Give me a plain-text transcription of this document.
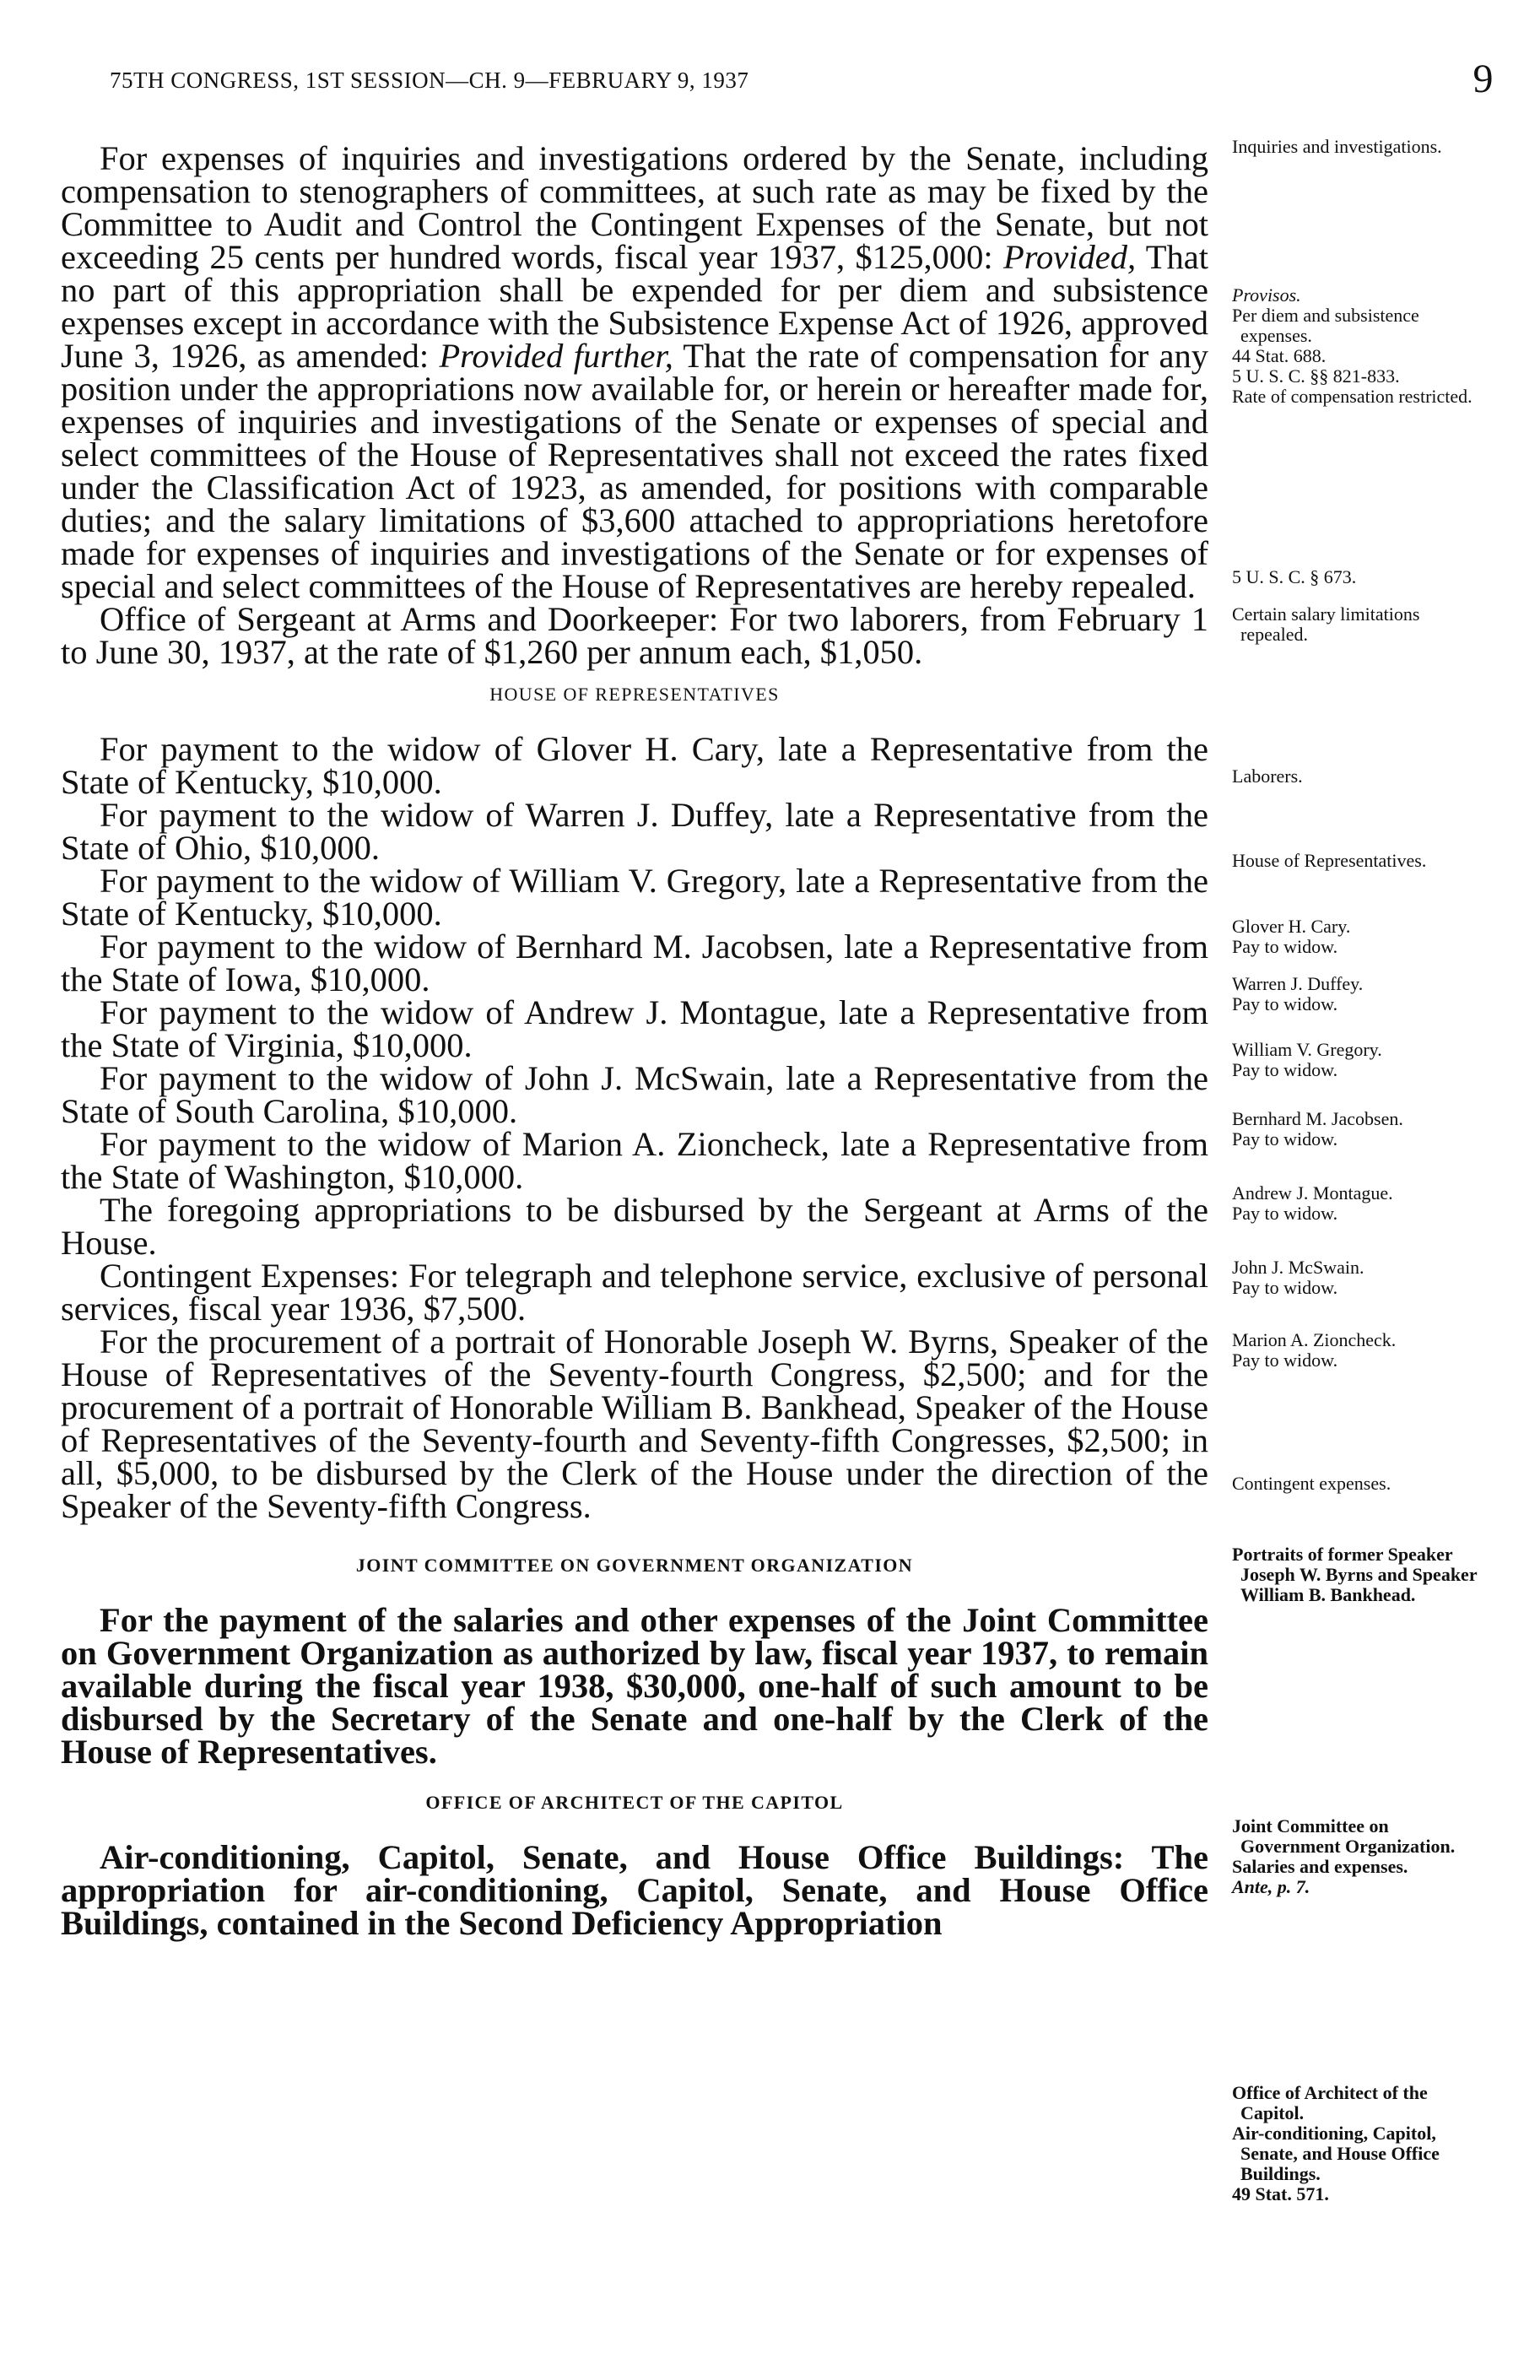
75TH CONGRESS, 1ST SESSION—CH. 9—FEBRUARY 9, 1937	9

For expenses of inquiries and investigations ordered by the Senate, including compensation to stenographers of committees, at such rate as may be fixed by the Committee to Audit and Control the Contingent Expenses of the Senate, but not exceeding 25 cents per hundred words, fiscal year 1937, $125,000: Provided, That no part of this appropriation shall be expended for per diem and subsistence expenses except in accordance with the Subsistence Expense Act of 1926, approved June 3, 1926, as amended: Provided further, That the rate of compensation for any position under the appropriations now available for, or herein or hereafter made for, expenses of inquiries and investigations of the Senate or expenses of special and select committees of the House of Representatives shall not exceed the rates fixed under the Classification Act of 1923, as amended, for positions with comparable duties; and the salary limitations of $3,600 attached to appropriations heretofore made for expenses of inquiries and investigations of the Senate or for expenses of special and select committees of the House of Representatives are hereby repealed.

Office of Sergeant at Arms and Doorkeeper: For two laborers, from February 1 to June 30, 1937, at the rate of $1,260 per annum each, $1,050.

HOUSE OF REPRESENTATIVES

For payment to the widow of Glover H. Cary, late a Representative from the State of Kentucky, $10,000.

For payment to the widow of Warren J. Duffey, late a Representative from the State of Ohio, $10,000.

For payment to the widow of William V. Gregory, late a Representative from the State of Kentucky, $10,000.

For payment to the widow of Bernhard M. Jacobsen, late a Representative from the State of Iowa, $10,000.

For payment to the widow of Andrew J. Montague, late a Representative from the State of Virginia, $10,000.

For payment to the widow of John J. McSwain, late a Representative from the State of South Carolina, $10,000.

For payment to the widow of Marion A. Zioncheck, late a Representative from the State of Washington, $10,000.

The foregoing appropriations to be disbursed by the Sergeant at Arms of the House.

Contingent Expenses: For telegraph and telephone service, exclusive of personal services, fiscal year 1936, $7,500.

For the procurement of a portrait of Honorable Joseph W. Byrns, Speaker of the House of Representatives of the Seventy-fourth Congress, $2,500; and for the procurement of a portrait of Honorable William B. Bankhead, Speaker of the House of Representatives of the Seventy-fourth and Seventy-fifth Congresses, $2,500; in all, $5,000, to be disbursed by the Clerk of the House under the direction of the Speaker of the Seventy-fifth Congress.

JOINT COMMITTEE ON GOVERNMENT ORGANIZATION

For the payment of the salaries and other expenses of the Joint Committee on Government Organization as authorized by law, fiscal year 1937, to remain available during the fiscal year 1938, $30,000, one-half of such amount to be disbursed by the Secretary of the Senate and one-half by the Clerk of the House of Representatives.

OFFICE OF ARCHITECT OF THE CAPITOL

Air-conditioning, Capitol, Senate, and House Office Buildings: The appropriation for air-conditioning, Capitol, Senate, and House Office Buildings, contained in the Second Deficiency Appropriation

Inquiries and investigations.
Provisos.
Per diem and subsistence expenses.
44 Stat. 688.
5 U. S. C. §§ 821-833.
Rate of compensation restricted.
5 U. S. C. § 673.
Certain salary limitations repealed.
Laborers.
House of Representatives.
Glover H. Cary.
Pay to widow.
Warren J. Duffey.
Pay to widow.
William V. Gregory.
Pay to widow.
Bernhard M. Jacobsen.
Pay to widow.
Andrew J. Montague.
Pay to widow.
John J. McSwain.
Pay to widow.
Marion A. Zioncheck.
Pay to widow.
Contingent expenses.
Portraits of former Speaker Joseph W. Byrns and Speaker William B. Bankhead.
Joint Committee on Government Organization.
Salaries and expenses.
Ante, p. 7.
Office of Architect of the Capitol.
Air-conditioning, Capitol, Senate, and House Office Buildings.
49 Stat. 571.
